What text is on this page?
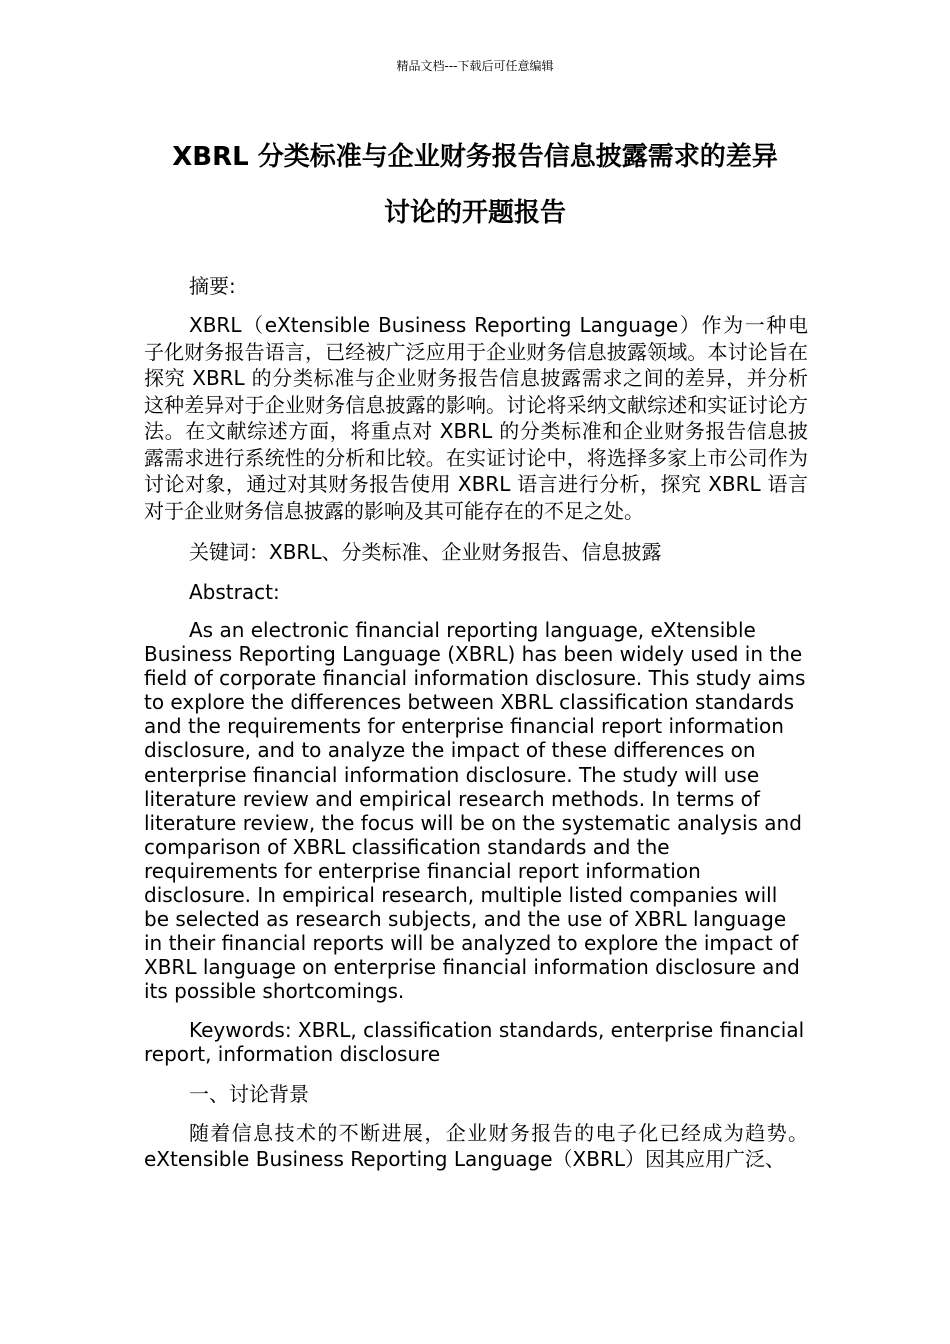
精品文档---下载后可任意编辑
XBRL 分类标准与企业财务报告信息披露需求的差异
讨论的开题报告

摘要:

XBRL（eXtensible Business Reporting Language）作为一种电子化财务报告语言，已经被广泛应用于企业财务信息披露领域。本讨论旨在探究 XBRL 的分类标准与企业财务报告信息披露需求之间的差异，并分析这种差异对于企业财务信息披露的影响。讨论将采纳文献综述和实证讨论方法。在文献综述方面，将重点对 XBRL 的分类标准和企业财务报告信息披露需求进行系统性的分析和比较。在实证讨论中，将选择多家上市公司作为讨论对象，通过对其财务报告使用 XBRL 语言进行分析，探究 XBRL 语言对于企业财务信息披露的影响及其可能存在的不足之处。

关键词：XBRL、分类标准、企业财务报告、信息披露

Abstract:

As an electronic financial reporting language, eXtensible Business Reporting Language (XBRL) has been widely used in the field of corporate financial information disclosure. This study aims to explore the differences between XBRL classification standards and the requirements for enterprise financial report information disclosure, and to analyze the impact of these differences on enterprise financial information disclosure. The study will use literature review and empirical research methods. In terms of literature review, the focus will be on the systematic analysis and comparison of XBRL classification standards and the requirements for enterprise financial report information disclosure. In empirical research, multiple listed companies will be selected as research subjects, and the use of XBRL language in their financial reports will be analyzed to explore the impact of XBRL language on enterprise financial information disclosure and its possible shortcomings.

Keywords: XBRL, classification standards, enterprise financial report, information disclosure

一、讨论背景

随着信息技术的不断进展，企业财务报告的电子化已经成为趋势。eXtensible Business Reporting Language（XBRL）因其应用广泛、
